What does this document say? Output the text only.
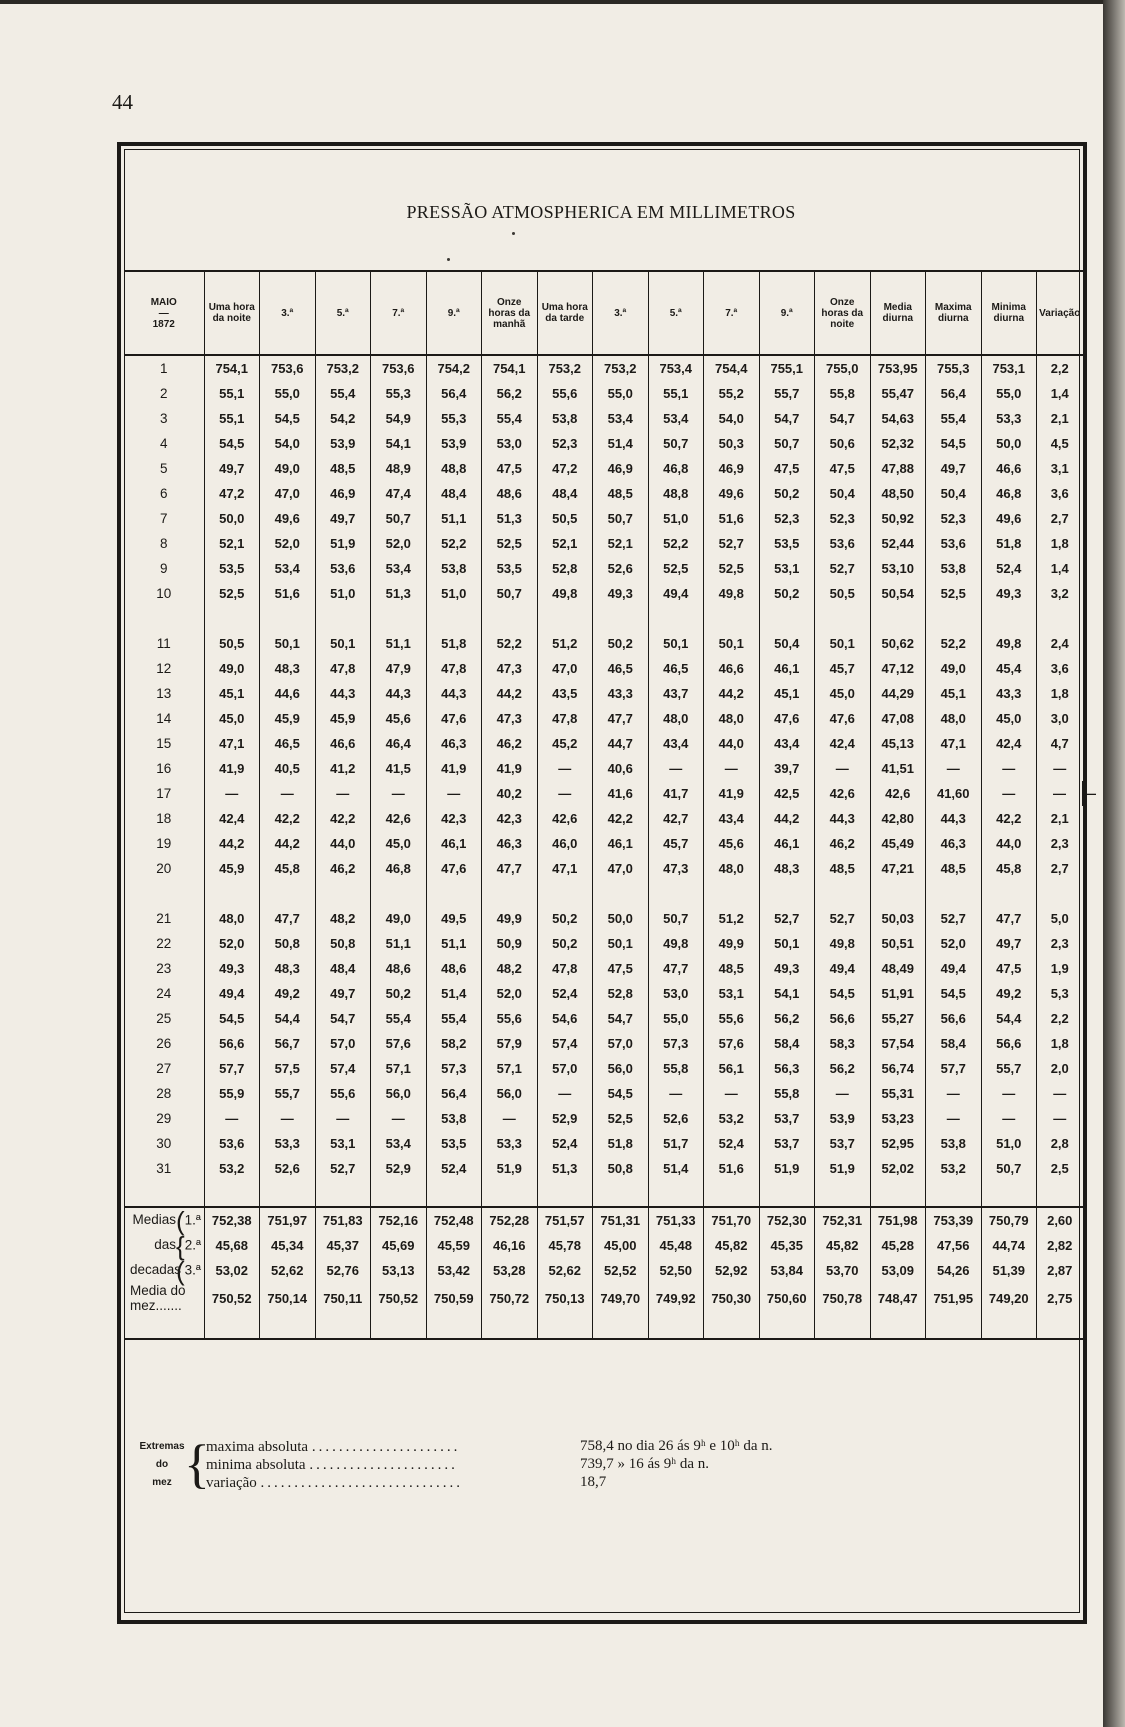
44
PRESSÃO ATMOSPHERICA EM MILLIMETROS
MAIO
—
1872	Uma hora da noite	3.ª	5.ª	7.ª	9.ª	Onze horas da manhã	Uma hora da tarde	3.ª	5.ª	7.ª	9.ª	Onze horas da noite	Media diurna	Maxima diurna	Minima diurna	Variação	
1	754,1	753,6	753,2	753,6	754,2	754,1	753,2	753,2	753,4	754,4	755,1	755,0	753,95	755,3	753,1	2,2	
2	55,1	55,0	55,4	55,3	56,4	56,2	55,6	55,0	55,1	55,2	55,7	55,8	55,47	56,4	55,0	1,4	
3	55,1	54,5	54,2	54,9	55,3	55,4	53,8	53,4	53,4	54,0	54,7	54,7	54,63	55,4	53,3	2,1	
4	54,5	54,0	53,9	54,1	53,9	53,0	52,3	51,4	50,7	50,3	50,7	50,6	52,32	54,5	50,0	4,5	
5	49,7	49,0	48,5	48,9	48,8	47,5	47,2	46,9	46,8	46,9	47,5	47,5	47,88	49,7	46,6	3,1	
6	47,2	47,0	46,9	47,4	48,4	48,6	48,4	48,5	48,8	49,6	50,2	50,4	48,50	50,4	46,8	3,6	
7	50,0	49,6	49,7	50,7	51,1	51,3	50,5	50,7	51,0	51,6	52,3	52,3	50,92	52,3	49,6	2,7	
8	52,1	52,0	51,9	52,0	52,2	52,5	52,1	52,1	52,2	52,7	53,5	53,6	52,44	53,6	51,8	1,8	
9	53,5	53,4	53,6	53,4	53,8	53,5	52,8	52,6	52,5	52,5	53,1	52,7	53,10	53,8	52,4	1,4	
10	52,5	51,6	51,0	51,3	51,0	50,7	49,8	49,3	49,4	49,8	50,2	50,5	50,54	52,5	49,3	3,2	

11	50,5	50,1	50,1	51,1	51,8	52,2	51,2	50,2	50,1	50,1	50,4	50,1	50,62	52,2	49,8	2,4	
12	49,0	48,3	47,8	47,9	47,8	47,3	47,0	46,5	46,5	46,6	46,1	45,7	47,12	49,0	45,4	3,6	
13	45,1	44,6	44,3	44,3	44,3	44,2	43,5	43,3	43,7	44,2	45,1	45,0	44,29	45,1	43,3	1,8	
14	45,0	45,9	45,9	45,6	47,6	47,3	47,8	47,7	48,0	48,0	47,6	47,6	47,08	48,0	45,0	3,0	
15	47,1	46,5	46,6	46,4	46,3	46,2	45,2	44,7	43,4	44,0	43,4	42,4	45,13	47,1	42,4	4,7	
16	41,9	40,5	41,2	41,5	41,9	41,9	—	40,6	—	—	39,7	—	41,51	—	—	—	
17	—	—	—	—	—	40,2	—	41,6	41,7	41,9	42,5	42,6	42,6	41,60	—	—	—
18	42,4	42,2	42,2	42,6	42,3	42,3	42,6	42,2	42,7	43,4	44,2	44,3	42,80	44,3	42,2	2,1	
19	44,2	44,2	44,0	45,0	46,1	46,3	46,0	46,1	45,7	45,6	46,1	46,2	45,49	46,3	44,0	2,3	
20	45,9	45,8	46,2	46,8	47,6	47,7	47,1	47,0	47,3	48,0	48,3	48,5	47,21	48,5	45,8	2,7	

21	48,0	47,7	48,2	49,0	49,5	49,9	50,2	50,0	50,7	51,2	52,7	52,7	50,03	52,7	47,7	5,0	
22	52,0	50,8	50,8	51,1	51,1	50,9	50,2	50,1	49,8	49,9	50,1	49,8	50,51	52,0	49,7	2,3	
23	49,3	48,3	48,4	48,6	48,6	48,2	47,8	47,5	47,7	48,5	49,3	49,4	48,49	49,4	47,5	1,9	
24	49,4	49,2	49,7	50,2	51,4	52,0	52,4	52,8	53,0	53,1	54,1	54,5	51,91	54,5	49,2	5,3	
25	54,5	54,4	54,7	55,4	55,4	55,6	54,6	54,7	55,0	55,6	56,2	56,6	55,27	56,6	54,4	2,2	
26	56,6	56,7	57,0	57,6	58,2	57,9	57,4	57,0	57,3	57,6	58,4	58,3	57,54	58,4	56,6	1,8	
27	57,7	57,5	57,4	57,1	57,3	57,1	57,0	56,0	55,8	56,1	56,3	56,2	56,74	57,7	55,7	2,0	
28	55,9	55,7	55,6	56,0	56,4	56,0	—	54,5	—	—	55,8	—	55,31	—	—	—	
29	—	—	—	—	53,8	—	52,9	52,5	52,6	53,2	53,7	53,9	53,23	—	—	—	
30	53,6	53,3	53,1	53,4	53,5	53,3	52,4	51,8	51,7	52,4	53,7	53,7	52,95	53,8	51,0	2,8	
31	53,2	52,6	52,7	52,9	52,4	51,9	51,3	50,8	51,4	51,6	51,9	51,9	52,02	53,2	50,7	2,5	

Medias(1.ª	752,38	751,97	751,83	752,16	752,48	752,28	751,57	751,31	751,33	751,70	752,30	752,31	751,98	753,39	750,79	2,60	
das{2.ª	45,68	45,34	45,37	45,69	45,59	46,16	45,78	45,00	45,48	45,82	45,35	45,82	45,28	47,56	44,74	2,82	
decadas(3.ª	53,02	52,62	52,76	53,13	53,42	53,28	52,62	52,52	52,50	52,92	53,84	53,70	53,09	54,26	51,39	2,87	

Media do
mez.......	750,52	750,14	750,11	750,52	750,59	750,72	750,13	749,70	749,92	750,30	750,60	750,78	748,47	751,95	749,20	2,75	

Extremas
do
mez {
maxima absoluta ......................	758,4 no dia 26 ás 9ʰ e 10ʰ da n.
minima absoluta ......................	739,7 » 16 ás 9ʰ da n.
variação ..............................	18,7
